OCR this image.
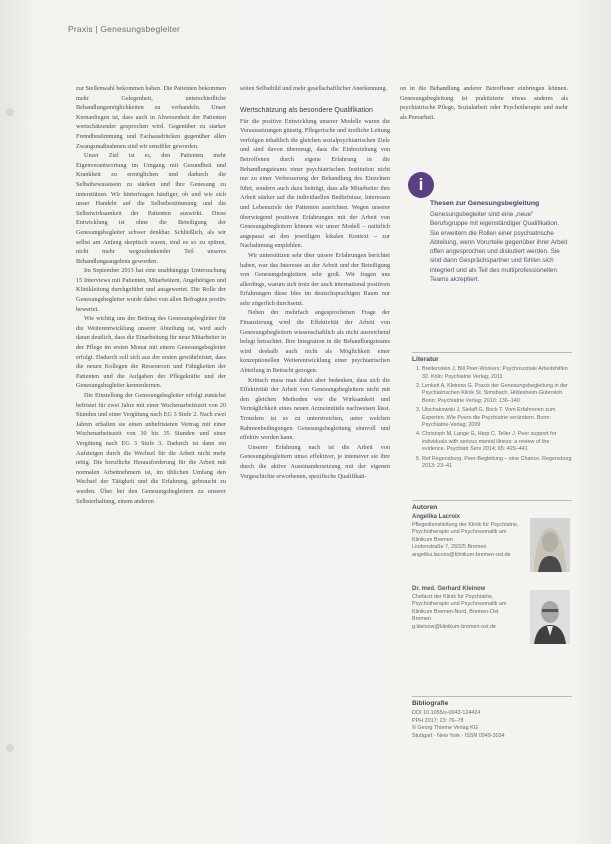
Praxis | Genesungsbegleiter

zur Stellenwahl bekommen haben. Die Patienten bekommen mehr Gelegenheit, unterschiedliche Behandlungsmöglichkeiten zu verhandeln. Unser Kernanliegen ist, dass auch in Abwesenheit der Patienten wertschätzender gesprochen wird. Gegenüber zu starker Fremdbestimmung und Fachausdrücken gegenüber allen Zwangsmaßnahmen sind wir sensibler geworden.

Unser Ziel ist es, den Patienten mehr Eigenverantwortung im Umgang mit Gesundheit und Krankheit zu ermöglichen und dadurch die Selbstbewusstsein zu stärken und ihre Genesung zu unterstützen. Wir hinterfragen häufiger, ob und wie sich unser Handeln auf die Selbstbestimmung und die Selbstwirksamkeit der Patienten auswirkt. Diese Entwicklung ist ohne die Beteiligung der Genesungsbegleiter schwer denkbar. Schließlich, als wir selbst am Anfang skeptisch waren, sind es so zu spüren, nicht mehr wegzudenkender Teil unseres Behandlungsangebots geworden.

Im September 2013 hat eine unabhängige Untersuchung 15 Interviews mit Patienten, Mitarbeitern, Angehörigen und Klinikleitung durchgeführt und ausgewertet. Die Rolle der Genesungsbegleiter wurde dabei von allen Befragten positiv bewertet.

Wie wichtig uns der Beitrag des Genesungsbegleiter für die Weiterentwicklung unserer Abteilung ist, wird auch daran deutlich, dass die Einarbeitung für neue Mitarbeiter in der Pflege im ersten Monat mit einem Genesungsbegleiter erfolgt. Dadurch soll sich aus der ersten gewährleistet, dass die neuen Kollegen die Ressourcen und Fähigkeiten der Patienten und die Aufgaben der Pflegekräfte und der Genesungsbegleiter kennenlernen.

Die Einstellung der Genesungsbegleiter erfolgt zunächst befristet für zwei Jahre mit einer Wochenarbeitszeit von 20 Stunden und einer Vergütung nach EG 3 Stufe 2. Nach zwei Jahren erhalten sie einen unbefristeten Vertrag mit einer Wochenarbeitszeit von 30 bis 35 Stunden und einer Vergütung nach EG 3 Stufe 3. Dadurch ist dann ein Aufsteigen durch die Wechsel für die Arbeit nicht mehr nötig. Die berufliche Herausforderung für die Arbeit mit normalen Arbeitnehmern ist, im üblichen Umfang den Wechsel der Tätigkeit und die Erfahrung, gebraucht zu werden. Über bei den Genesungsbegleitern zu unserer Selbsterhaltung, einem anderen

seiten Selbstbild und mehr gesellschaftlicher Anerkennung.

Wertschätzung als besondere Qualifikation

Für die positive Entwicklung unserer Modelle waren die Voraussetzungen günstig. Pflegerische und ärztliche Leitung verfolgen inhaltlich die gleichen sozialpsychiatrischen Ziele und sind davon überzeugt, dass die Einbeziehung von Betroffenen durch eigene Erfahrung in die Behandlungsteams einer psychiatrischen Institution nicht nur zu einer Verbesserung der Behandlung des Einzelnen führt, sondern auch dazu beiträgt, dass alle Mitarbeiter ihre Arbeit stärker auf die individuellen Bedürfnisse, Interessen und Lebensziele der Patienten ausrichten. Wegen unserer überwiegend positiven Erfahrungen mit der Arbeit von Genesungsbegleitern können wir unser Modell – natürlich angepasst an den jeweiligen lokalen Kontext – zur Nachahmung empfehlen.

Wir unterstützen sehr über unsere Erfahrungen berichtet haben, war das Interesse an der Arbeit und der Beteiligung von Genesungsbegleitern sehr groß. Wir fragen uns allerdings, warum sich trotz der auch international positiven Erfahrungen diese Idee im deutschsprachigen Raum nur sehr zögerlich durchsetzt.

Neben der mehrfach angesprochenen Frage der Finanzierung wird die Effektivität der Arbeit von Genesungsbegleitern wissenschaftlich als nicht ausreichend belegt betrachtet. Ihre Integration in die Behandlungsteams wird deshalb auch nicht als Möglichkeit einer konzeptionellen Weiterentwicklung einer psychiatrischen Abteilung in Betracht gezogen.

Kritisch muss man dabei aber bedenken, dass sich die Effektivität der Arbeit von Genesungsbegleitern nicht mit den gleichen Methoden wie die Wirksamkeit und Verträglichkeit eines neuen Arzneimittels nachweisen lässt. Trotzdem ist es zu unterstreichen, unter welchen Rahmenbedingungen Genesungsbegleitung sinnvoll und effektiv werden kann.

Unserer Erfahrung nach ist die Arbeit von Genesungsbegleitern umso effektiver, je intensiver sie ihre durch die aktive Auseinandersetzung mit der eigenen Vorgeschichte erworbenen, spezifische Qualifikati-

on in die Behandlung anderer Betroffener einbringen können. Genesungsbegleitung ist praktizierte etwas anderes als psychiatrische Pflege, Sozialarbeit oder Psychotherapie und mehr als Peerarbeit.

i
Thesen zur Genesungsbegleitung
Genesungsbegleiter sind eine „neue“ Berufsgruppe mit eigenständiger Qualifikation.
Sie erweitern die Rollen einer psychiatrische Abteilung, wenn Vorurteile gegenüber ihrer Arbeit offen angesprochen und diskutiert werden. Sie sind dann Gesprächspartner und fühlen sich integriert und als Teil des multiprofessionellen Teams akzeptiert.
Literatur
1. Breitenstein J, Bill Peer-Workers: Psychosoziale Arbeitshilfen 32. Köln: Psychiatrie Verlag; 2011
2. Lenkeit A, Kleinow G. Praxis der Genesungsbegleitung in der Psychiatrischen Klinik St. Simsbach. Hildesheim-Gütersloh. Bonn: Psychiatrie Verlag; 2010: 136–140
3. Utschakowski J, Sielaff G, Bock T. Vom Erfahrenen zum Experten. Wie Peers die Psychiatrie verändern. Bonn: Psychiatrie-Verlag; 2009
4. Christoph M, Lange G, Harp C, Teller J. Peer support for individuals with serious mental illness: a review of the evidence. Psychiatr Serv 2014; 65: 429–441
5. Ref Regensburg. Peer-Begleitung – eine Chance. Regensburg 2013: 23–41
Autoren
Angelika Lacroix
Pflegedienstleitung der Klinik für Psychiatrie, Psychotherapie und Psychosomatik am Klinikum Bremen
Lindenstraße 7, 28325 Bremen
angelika.lacroix@klinikum-bremen-ost.de
Dr. med. Gerhard Kleinow
Chefarzt der Klinik für Psychiatrie, Psychotherapie und Psychosomatik am Klinikum Bremen-Nord, Bremen-Ost
Bremen
g.kleinow@klinikum-bremen-ost.de
Bibliografie
DOI 10.1055/s-0043-124424
PPH 2017; 23: 76–78
© Georg Thieme Verlag KG
Stuttgart · New York · ISSN 0949-3034
